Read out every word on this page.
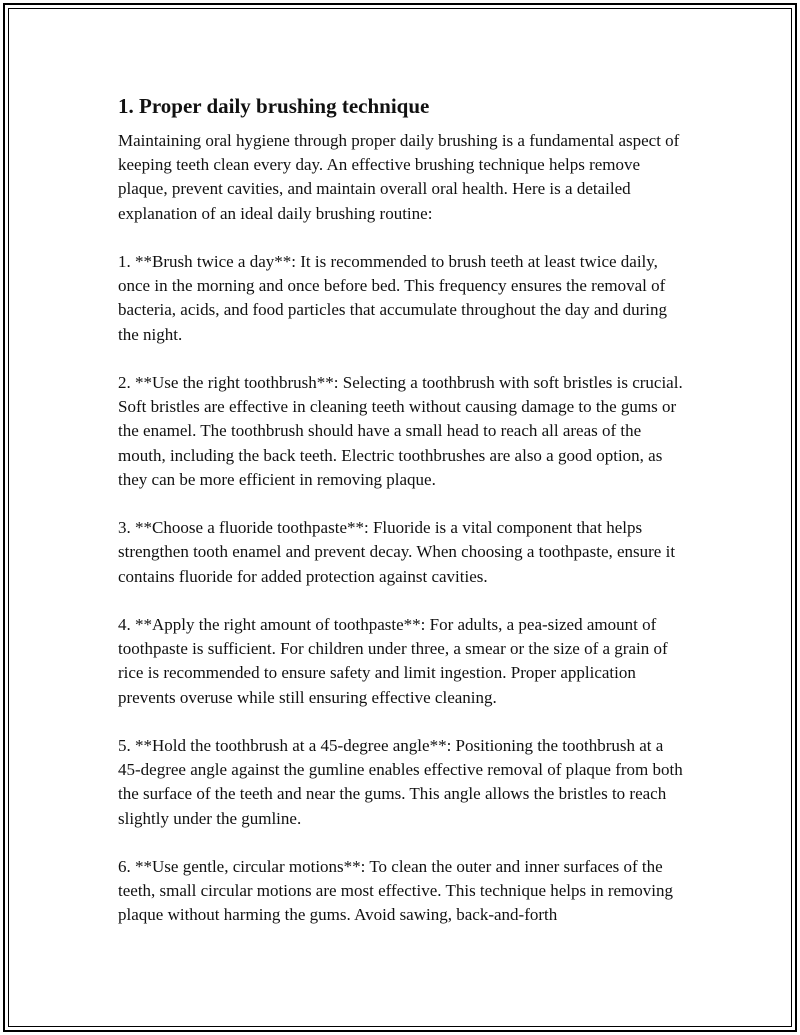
1. Proper daily brushing technique

Maintaining oral hygiene through proper daily brushing is a fundamental aspect of keeping teeth clean every day. An effective brushing technique helps remove plaque, prevent cavities, and maintain overall oral health. Here is a detailed explanation of an ideal daily brushing routine:

1. **Brush twice a day**: It is recommended to brush teeth at least twice daily, once in the morning and once before bed. This frequency ensures the removal of bacteria, acids, and food particles that accumulate throughout the day and during the night.

2. **Use the right toothbrush**: Selecting a toothbrush with soft bristles is crucial. Soft bristles are effective in cleaning teeth without causing damage to the gums or the enamel. The toothbrush should have a small head to reach all areas of the mouth, including the back teeth. Electric toothbrushes are also a good option, as they can be more efficient in removing plaque.

3. **Choose a fluoride toothpaste**: Fluoride is a vital component that helps strengthen tooth enamel and prevent decay. When choosing a toothpaste, ensure it contains fluoride for added protection against cavities.

4. **Apply the right amount of toothpaste**: For adults, a pea-sized amount of toothpaste is sufficient. For children under three, a smear or the size of a grain of rice is recommended to ensure safety and limit ingestion. Proper application prevents overuse while still ensuring effective cleaning.

5. **Hold the toothbrush at a 45-degree angle**: Positioning the toothbrush at a 45-degree angle against the gumline enables effective removal of plaque from both the surface of the teeth and near the gums. This angle allows the bristles to reach slightly under the gumline.

6. **Use gentle, circular motions**: To clean the outer and inner surfaces of the teeth, small circular motions are most effective. This technique helps in removing plaque without harming the gums. Avoid sawing, back-and-forth
